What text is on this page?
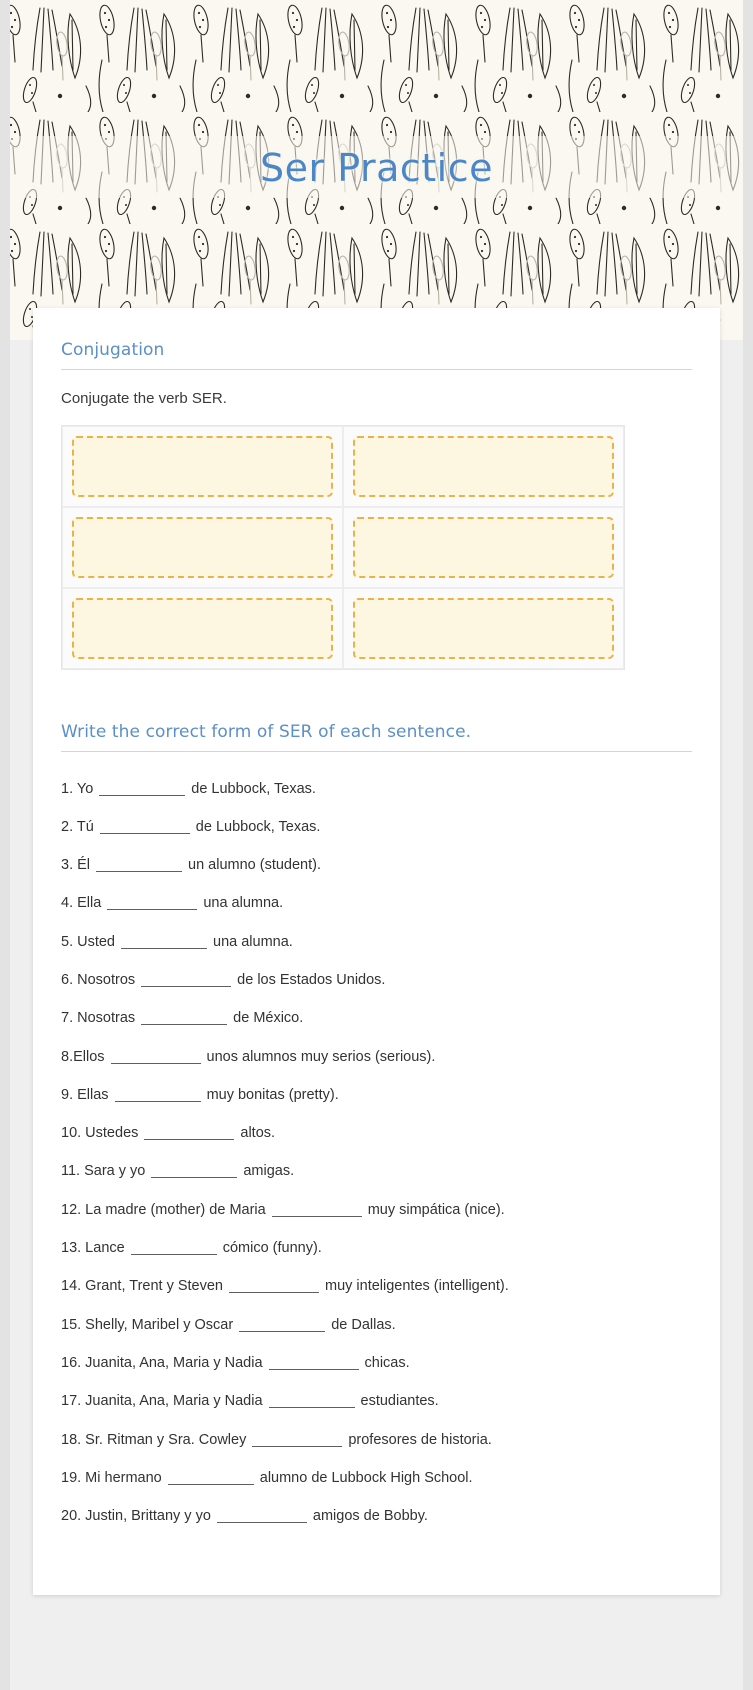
Ser Practice
Conjugation

Conjugate the verb SER.

Write the correct form of SER of each sentence.
1. Yo	de Lubbock, Texas.
2. Tú	de Lubbock, Texas.
3. Él	un alumno (student).
4. Ella	una alumna.
5. Usted	una alumna.
6. Nosotros	de los Estados Unidos.
7. Nosotras	de México.
8.Ellos	unos alumnos muy serios (serious).
9. Ellas	muy bonitas (pretty).
10. Ustedes	altos.
11. Sara y yo	amigas.
12. La madre (mother) de Maria	muy simpática (nice).
13. Lance	cómico (funny).
14. Grant, Trent y Steven	muy inteligentes (intelligent).
15. Shelly, Maribel y Oscar	de Dallas.
16. Juanita, Ana, Maria y Nadia	chicas.
17. Juanita, Ana, Maria y Nadia	estudiantes.
18. Sr. Ritman y Sra. Cowley	profesores de historia.
19. Mi hermano	alumno de Lubbock High School.
20. Justin, Brittany y yo	amigos de Bobby.
